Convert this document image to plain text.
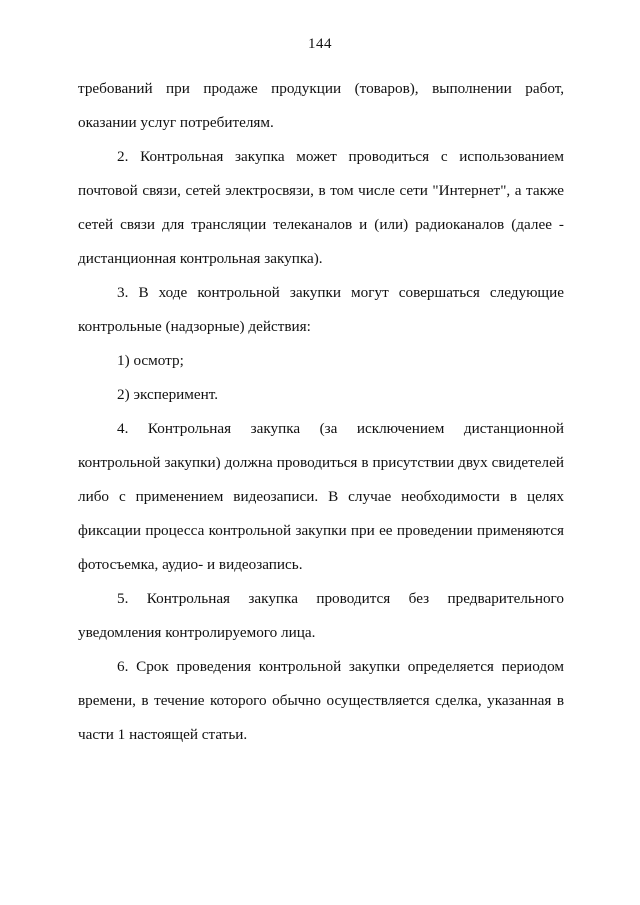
144

требований при продаже продукции (товаров), выполнении работ, оказании услуг потребителям.

2. Контрольная закупка может проводиться с использованием почтовой связи, сетей электросвязи, в том числе сети "Интернет", а также сетей связи для трансляции телеканалов и (или) радиоканалов (далее - дистанционная контрольная закупка).

3. В ходе контрольной закупки могут совершаться следующие контрольные (надзорные) действия:

1) осмотр;

2) эксперимент.

4. Контрольная закупка (за исключением дистанционной контрольной закупки) должна проводиться в присутствии двух свидетелей либо с применением видеозаписи. В случае необходимости в целях фиксации процесса контрольной закупки при ее проведении применяются фотосъемка, аудио- и видеозапись.

5. Контрольная закупка проводится без предварительного уведомления контролируемого лица.

6. Срок проведения контрольной закупки определяется периодом времени, в течение которого обычно осуществляется сделка, указанная в части 1 настоящей статьи.
